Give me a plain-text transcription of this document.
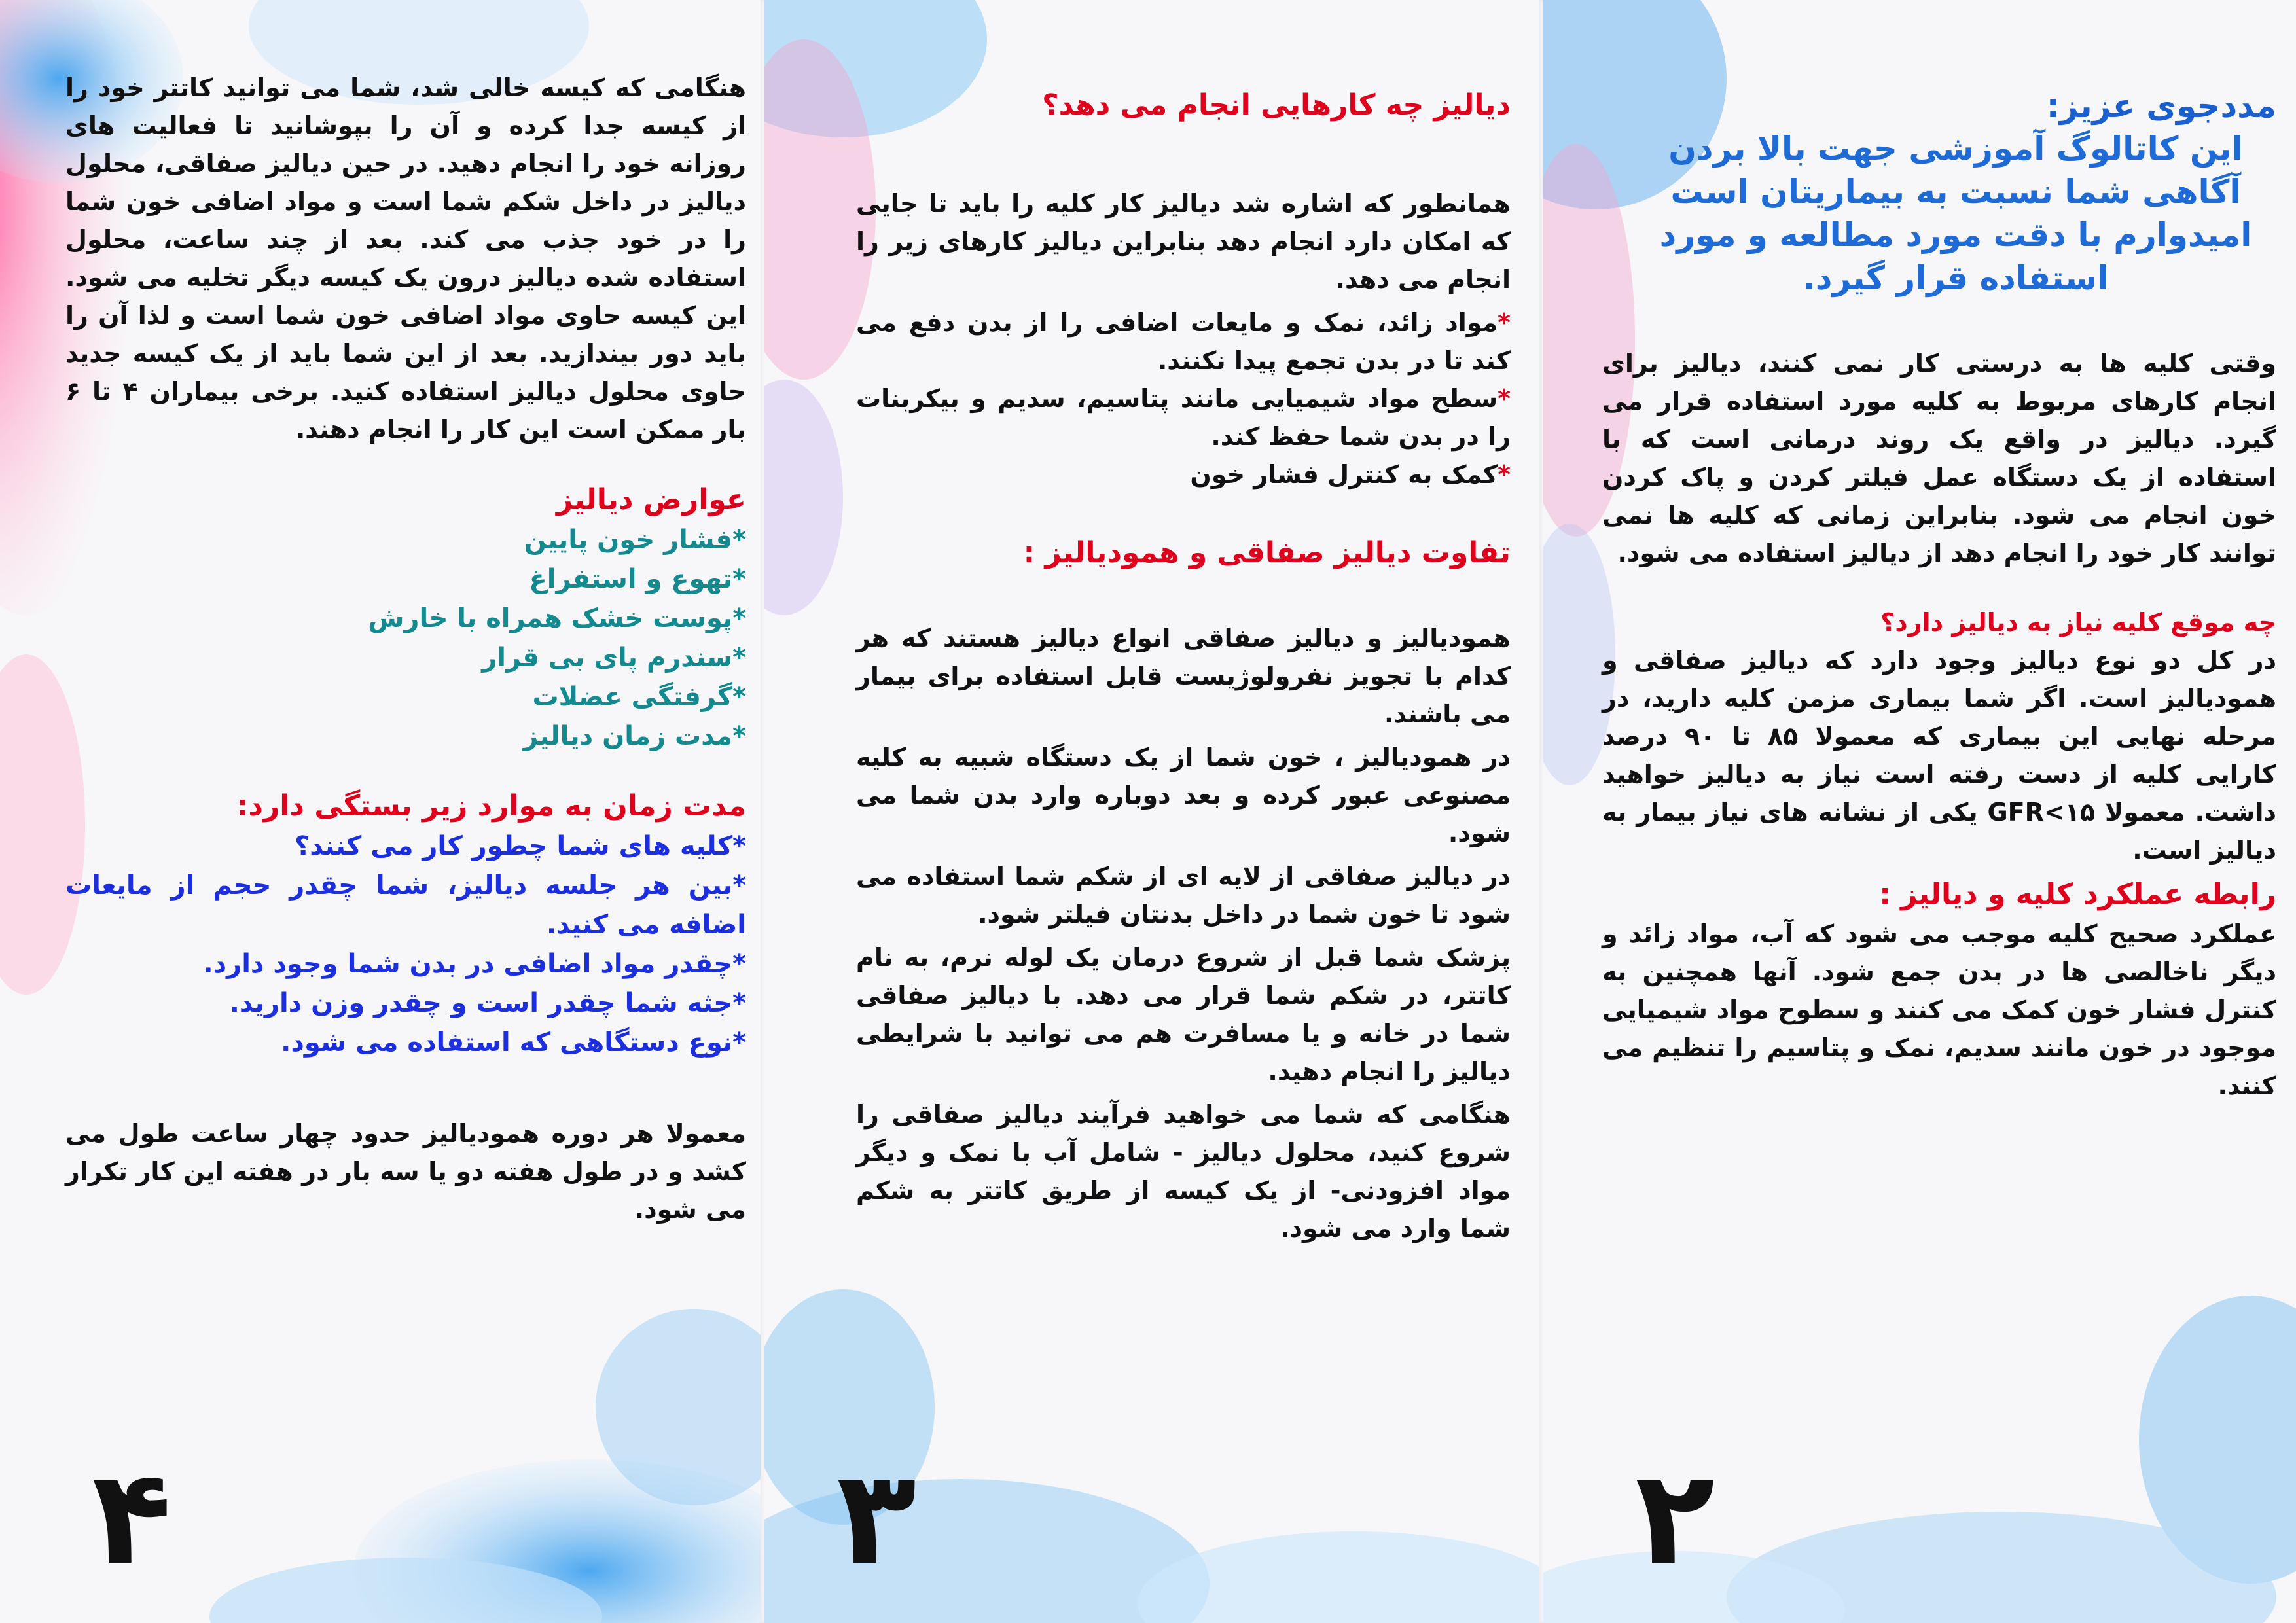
هنگامی که کیسه خالی شد، شما می توانید کاتتر خود را از کیسه جدا کرده و آن را بپوشانید تا فعالیت های روزانه خود را انجام دهید. در حین دیالیز صفاقی، محلول دیالیز در داخل شکم شما است و مواد اضافی خون شما را در خود جذب می کند. بعد از چند ساعت، محلول استفاده شده دیالیز درون یک کیسه دیگر تخلیه می شود. این کیسه حاوی مواد اضافی خون شما است و لذا آن را باید دور بیندازید. بعد از این شما باید از یک کیسه جدید حاوی محلول دیالیز استفاده کنید. برخی بیماران ۴ تا ۶ بار ممکن است این کار را انجام دهند.

عوارض دیالیز
*فشار خون پایین
*تهوع و استفراغ
*پوست خشک همراه با خارش
*سندرم پای بی قرار
*گرفتگی عضلات
*مدت زمان دیالیز
مدت زمان به موارد زیر بستگی دارد:
*کلیه های شما چطور کار می کنند؟
*بین هر جلسه دیالیز، شما چقدر حجم از مایعات اضافه می کنید.
*چقدر مواد اضافی در بدن شما وجود دارد.
*جثه شما چقدر است و چقدر وزن دارید.
*نوع دستگاهی که استفاده می شود.

معمولا هر دوره همودیالیز حدود چهار ساعت طول می کشد و در طول هفته دو یا سه بار در هفته این کار تکرار می شود.

۴
دیالیز چه کارهایی انجام می دهد؟

همانطور که اشاره شد دیالیز کار کلیه را باید تا جایی که امکان دارد انجام دهد بنابراین دیالیز کارهای زیر را انجام می دهد.

*مواد زائد، نمک و مایعات اضافی را از بدن دفع می کند تا در بدن تجمع پیدا نکنند.
*سطح مواد شیمیایی مانند پتاسیم، سدیم و بیکربنات را در بدن شما حفظ کند.
*کمک به کنترل فشار خون
تفاوت دیالیز صفاقی و همودیالیز :

همودیالیز و دیالیز صفاقی انواع دیالیز هستند که هر کدام با تجویز نفرولوژیست قابل استفاده برای بیمار می باشند.

در همودیالیز ، خون شما از یک دستگاه شبیه به کلیه مصنوعی عبور کرده و بعد دوباره وارد بدن شما می شود.

در دیالیز صفاقی از لایه ای از شکم شما استفاده می شود تا خون شما در داخل بدنتان فیلتر شود.

پزشک شما قبل از شروع درمان یک لوله نرم، به نام کاتتر، در شکم شما قرار می دهد. با دیالیز صفاقی شما در خانه و یا مسافرت هم می توانید با شرایطی دیالیز را انجام دهید.

هنگامی که شما می خواهید فرآیند دیالیز صفاقی را شروع کنید، محلول دیالیز - شامل آب با نمک و دیگر مواد افزودنی- از یک کیسه از طریق کاتتر به شکم شما وارد می شود.

۳
مددجوی عزیز:

این کاتالوگ آموزشی جهت بالا بردن آگاهی شما نسبت به بیماریتان است امیدوارم با دقت مورد مطالعه و مورد استفاده قرار گیرد.

وقتی کلیه ها به درستی کار نمی کنند، دیالیز برای انجام کارهای مربوط به کلیه مورد استفاده قرار می گیرد. دیالیز در واقع یک روند درمانی است که با استفاده از یک دستگاه عمل فیلتر کردن و پاک کردن خون انجام می شود. بنابراین زمانی که کلیه ها نمی توانند کار خود را انجام دهد از دیالیز استفاده می شود.

چه موقع کلیه نیاز به دیالیز دارد؟

در کل دو نوع دیالیز وجود دارد که دیالیز صفاقی و همودیالیز است. اگر شما بیماری مزمن کلیه دارید، در مرحله نهایی این بیماری که معمولا ۸۵ تا ۹۰ درصد کارایی کلیه از دست رفته است نیاز به دیالیز خواهید داشت. معمولا GFR<۱۵ یکی از نشانه های نیاز بیمار به دیالیز است.

رابطه عملکرد کلیه و دیالیز :

عملکرد صحیح کلیه موجب می شود که آب، مواد زائد و دیگر ناخالصی ها در بدن جمع شود. آنها همچنین به کنترل فشار خون کمک می کنند و سطوح مواد شیمیایی موجود در خون مانند سدیم، نمک و پتاسیم را تنظیم می کنند.

۲
